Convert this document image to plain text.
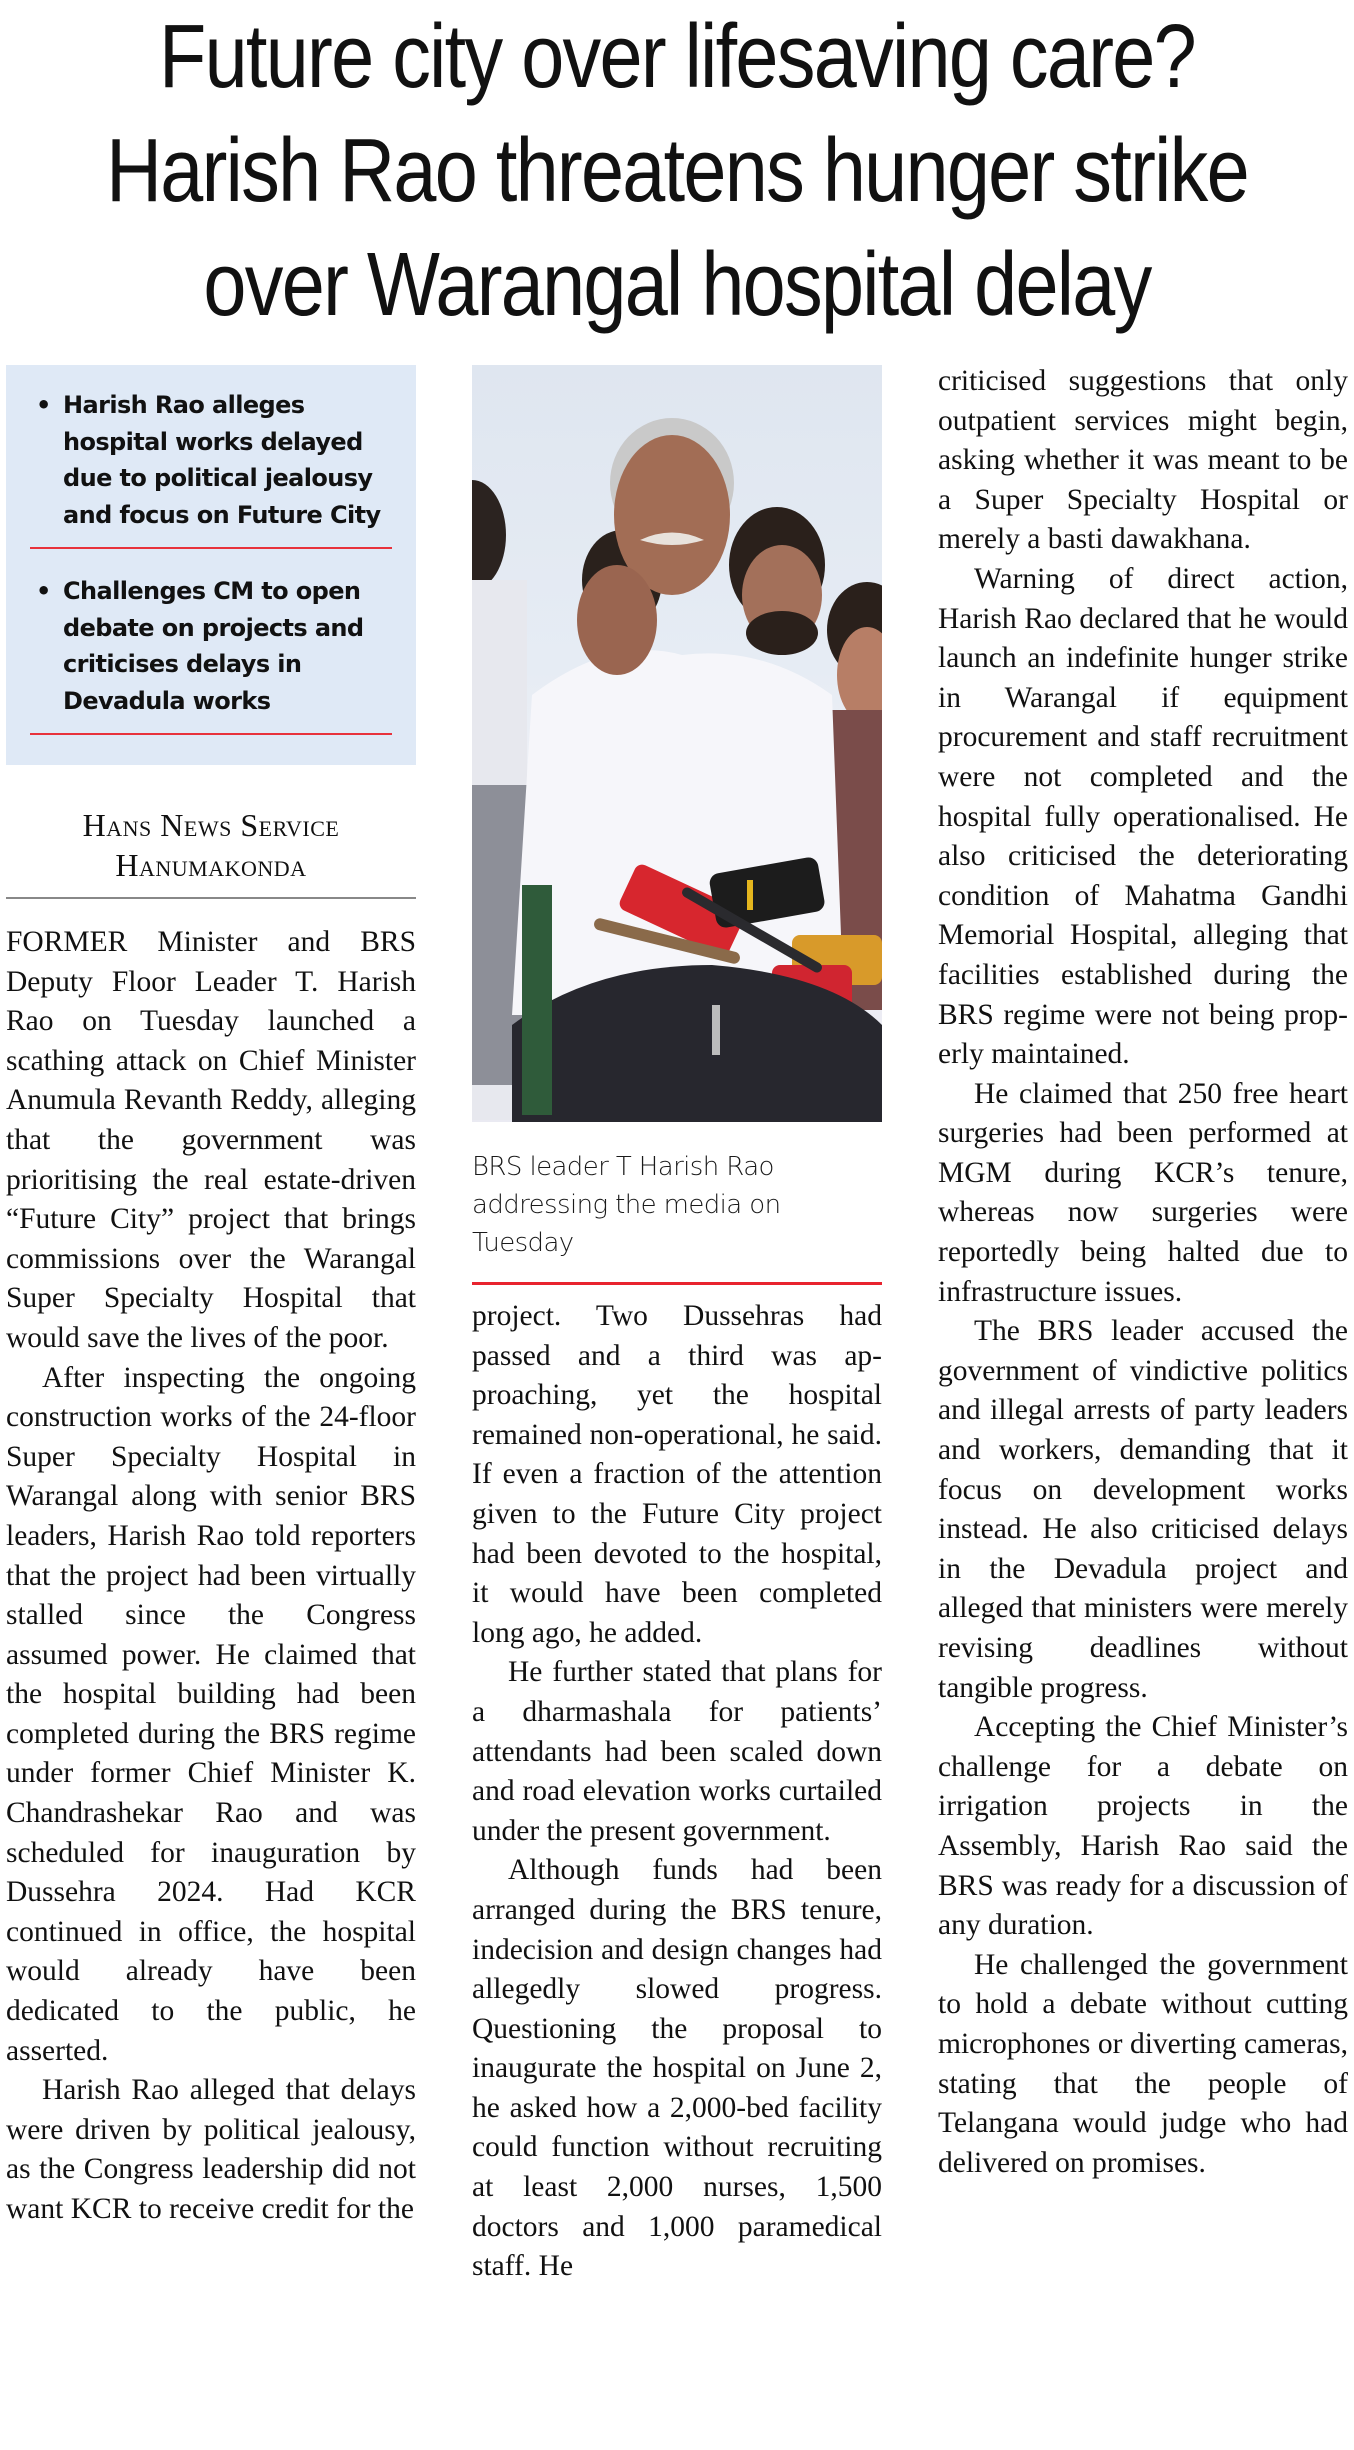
Future city over lifesaving care?
Harish Rao threatens hunger strike
over Warangal hospital delay
• Harish Rao alleges hospital works delayed due to political jealousy and focus on Future City
• Challenges CM to open debate on projects and criticises delays in Devadula works
Hans News Service
Hanumakonda

FORMER Minister and BRS Deputy Floor Leader T. Harish Rao on Tuesday launched a scathing attack on Chief Minister Anumula Revanth Reddy, alleging that the government was prioritising the real estate-driven “Future City” project that brings commissions over the Warangal Super Specialty Hospital that would save the lives of the poor.

After inspecting the ongoing construction works of the 24-floor Super Specialty Hospital in Warangal along with senior BRS leaders, Harish Rao told reporters that the project had been virtually stalled since the Congress assumed power. He claimed that the hospital building had been completed during the BRS regime under former Chief Minister K. Chandrashekar Rao and was scheduled for inauguration by Dussehra 2024. Had KCR continued in office, the hospital would already have been dedicated to the public, he asserted.

Harish Rao alleged that delays were driven by political jealousy, as the Congress leadership did not want KCR to receive credit for the

BRS leader T Harish Rao addressing the media on Tuesday

project. Two Dussehras had passed and a third was approaching, yet the hospital remained non-operational, he said. If even a fraction of the attention given to the Future City project had been devoted to the hospital, it would have been completed long ago, he added.

He further stated that plans for a dharmashala for patients’ attendants had been scaled down and road elevation works curtailed under the present government.

Although funds had been arranged during the BRS tenure, indecision and design changes had allegedly slowed progress. Questioning the proposal to inaugurate the hospital on June 2, he asked how a 2,000-bed facility could function without recruiting at least 2,000 nurses, 1,500 doctors and 1,000 paramedical staff. He

criticised suggestions that only outpatient services might begin, asking whether it was meant to be a Super Specialty Hospital or merely a basti dawakhana.

Warning of direct action, Harish Rao declared that he would launch an indefinite hunger strike in Warangal if equipment procurement and staff recruitment were not completed and the hospital fully operationalised. He also criticised the deteriorating condition of Mahatma Gandhi Memorial Hospital, alleging that facilities established during the BRS regime were not being properly maintained.

He claimed that 250 free heart surgeries had been performed at MGM during KCR’s tenure, whereas now surgeries were reportedly being halted due to infrastructure issues.

The BRS leader accused the government of vindictive politics and illegal arrests of party leaders and workers, demanding that it focus on development works instead. He also criticised delays in the Devadula project and alleged that ministers were merely revising deadlines without tangible progress.

Accepting the Chief Minister’s challenge for a debate on irrigation projects in the Assembly, Harish Rao said the BRS was ready for a discussion of any duration.

He challenged the government to hold a debate without cutting microphones or diverting cameras, stating that the people of Telangana would judge who had delivered on promises.
